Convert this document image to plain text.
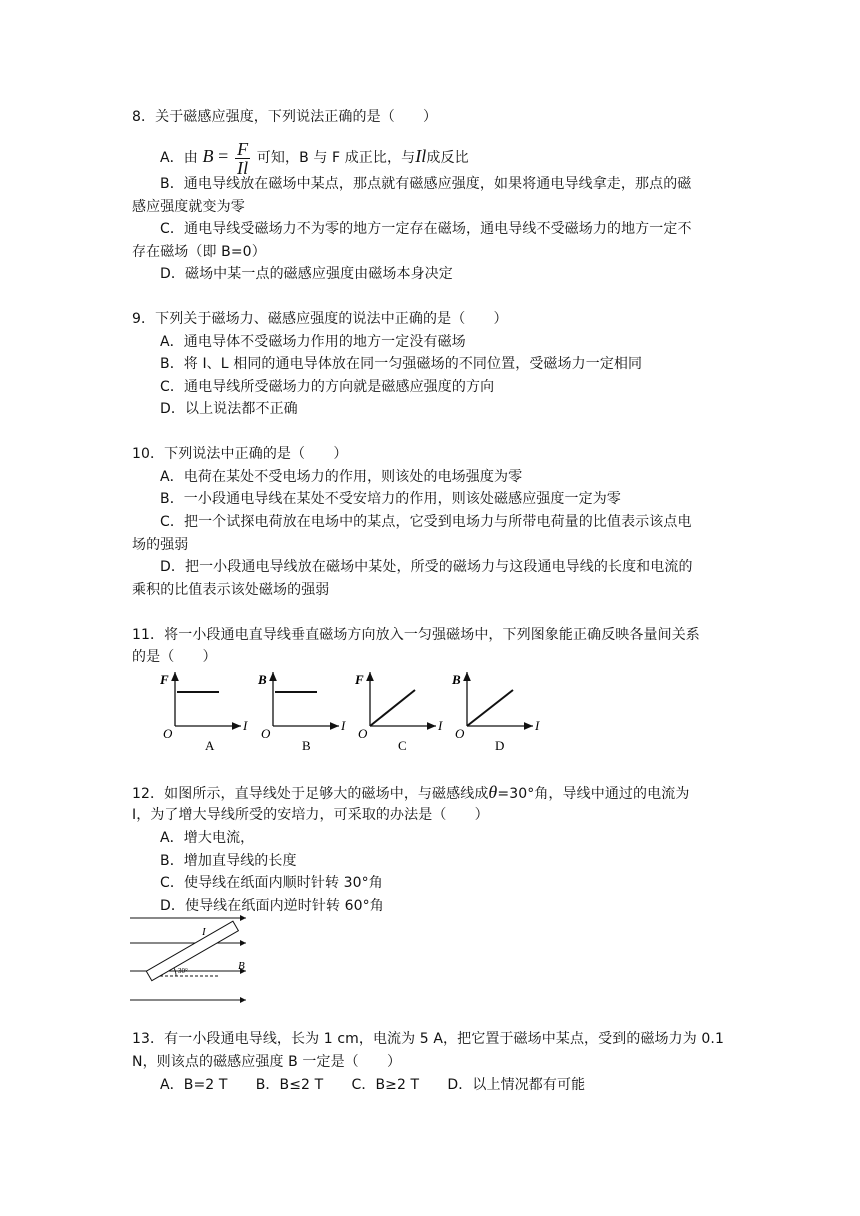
8．关于磁感应强度，下列说法正确的是（　　）
A．由 $B = \frac{F}{Il}$ 可知，B 与 F 成正比，与Il成反比
B．通电导线放在磁场中某点，那点就有磁感应强度，如果将通电导线拿走，那点的磁
感应强度就变为零
C．通电导线受磁场力不为零的地方一定存在磁场，通电导线不受磁场力的地方一定不
存在磁场（即 B=0）
D．磁场中某一点的磁感应强度由磁场本身决定
9．下列关于磁场力、磁感应强度的说法中正确的是（　　）
A．通电导体不受磁场力作用的地方一定没有磁场
B．将 I、L 相同的通电导体放在同一匀强磁场的不同位置，受磁场力一定相同
C．通电导线所受磁场力的方向就是磁感应强度的方向
D．以上说法都不正确
10．下列说法中正确的是（　　）
A．电荷在某处不受电场力的作用，则该处的电场强度为零
B．一小段通电导线在某处不受安培力的作用，则该处磁感应强度一定为零
C．把一个试探电荷放在电场中的某点，它受到电场力与所带电荷量的比值表示该点电
场的强弱
D．把一小段通电导线放在磁场中某处，所受的磁场力与这段通电导线的长度和电流的
乘积的比值表示该处磁场的强弱
11．将一小段通电直导线垂直磁场方向放入一匀强磁场中，下列图象能正确反映各量间关系
的是（　　）
F
O
I
A
B
O
I
B
F
O
I
C
B
O
I
D
12．如图所示，直导线处于足够大的磁场中，与磁感线成θ=30°角，导线中通过的电流为
I，为了增大导线所受的安培力，可采取的办法是（　　）
A．增大电流，
B．增加直导线的长度
C．使导线在纸面内顺时针转 30°角
D．使导线在纸面内逆时针转 60°角
I
B
30°
13．有一小段通电导线，长为 1 cm，电流为 5 A，把它置于磁场中某点，受到的磁场力为 0.1
N，则该点的磁感应强度 B 一定是（　　）
A．B=2 T　　B．B≤2 T　　C．B≥2 T　　D．以上情况都有可能
